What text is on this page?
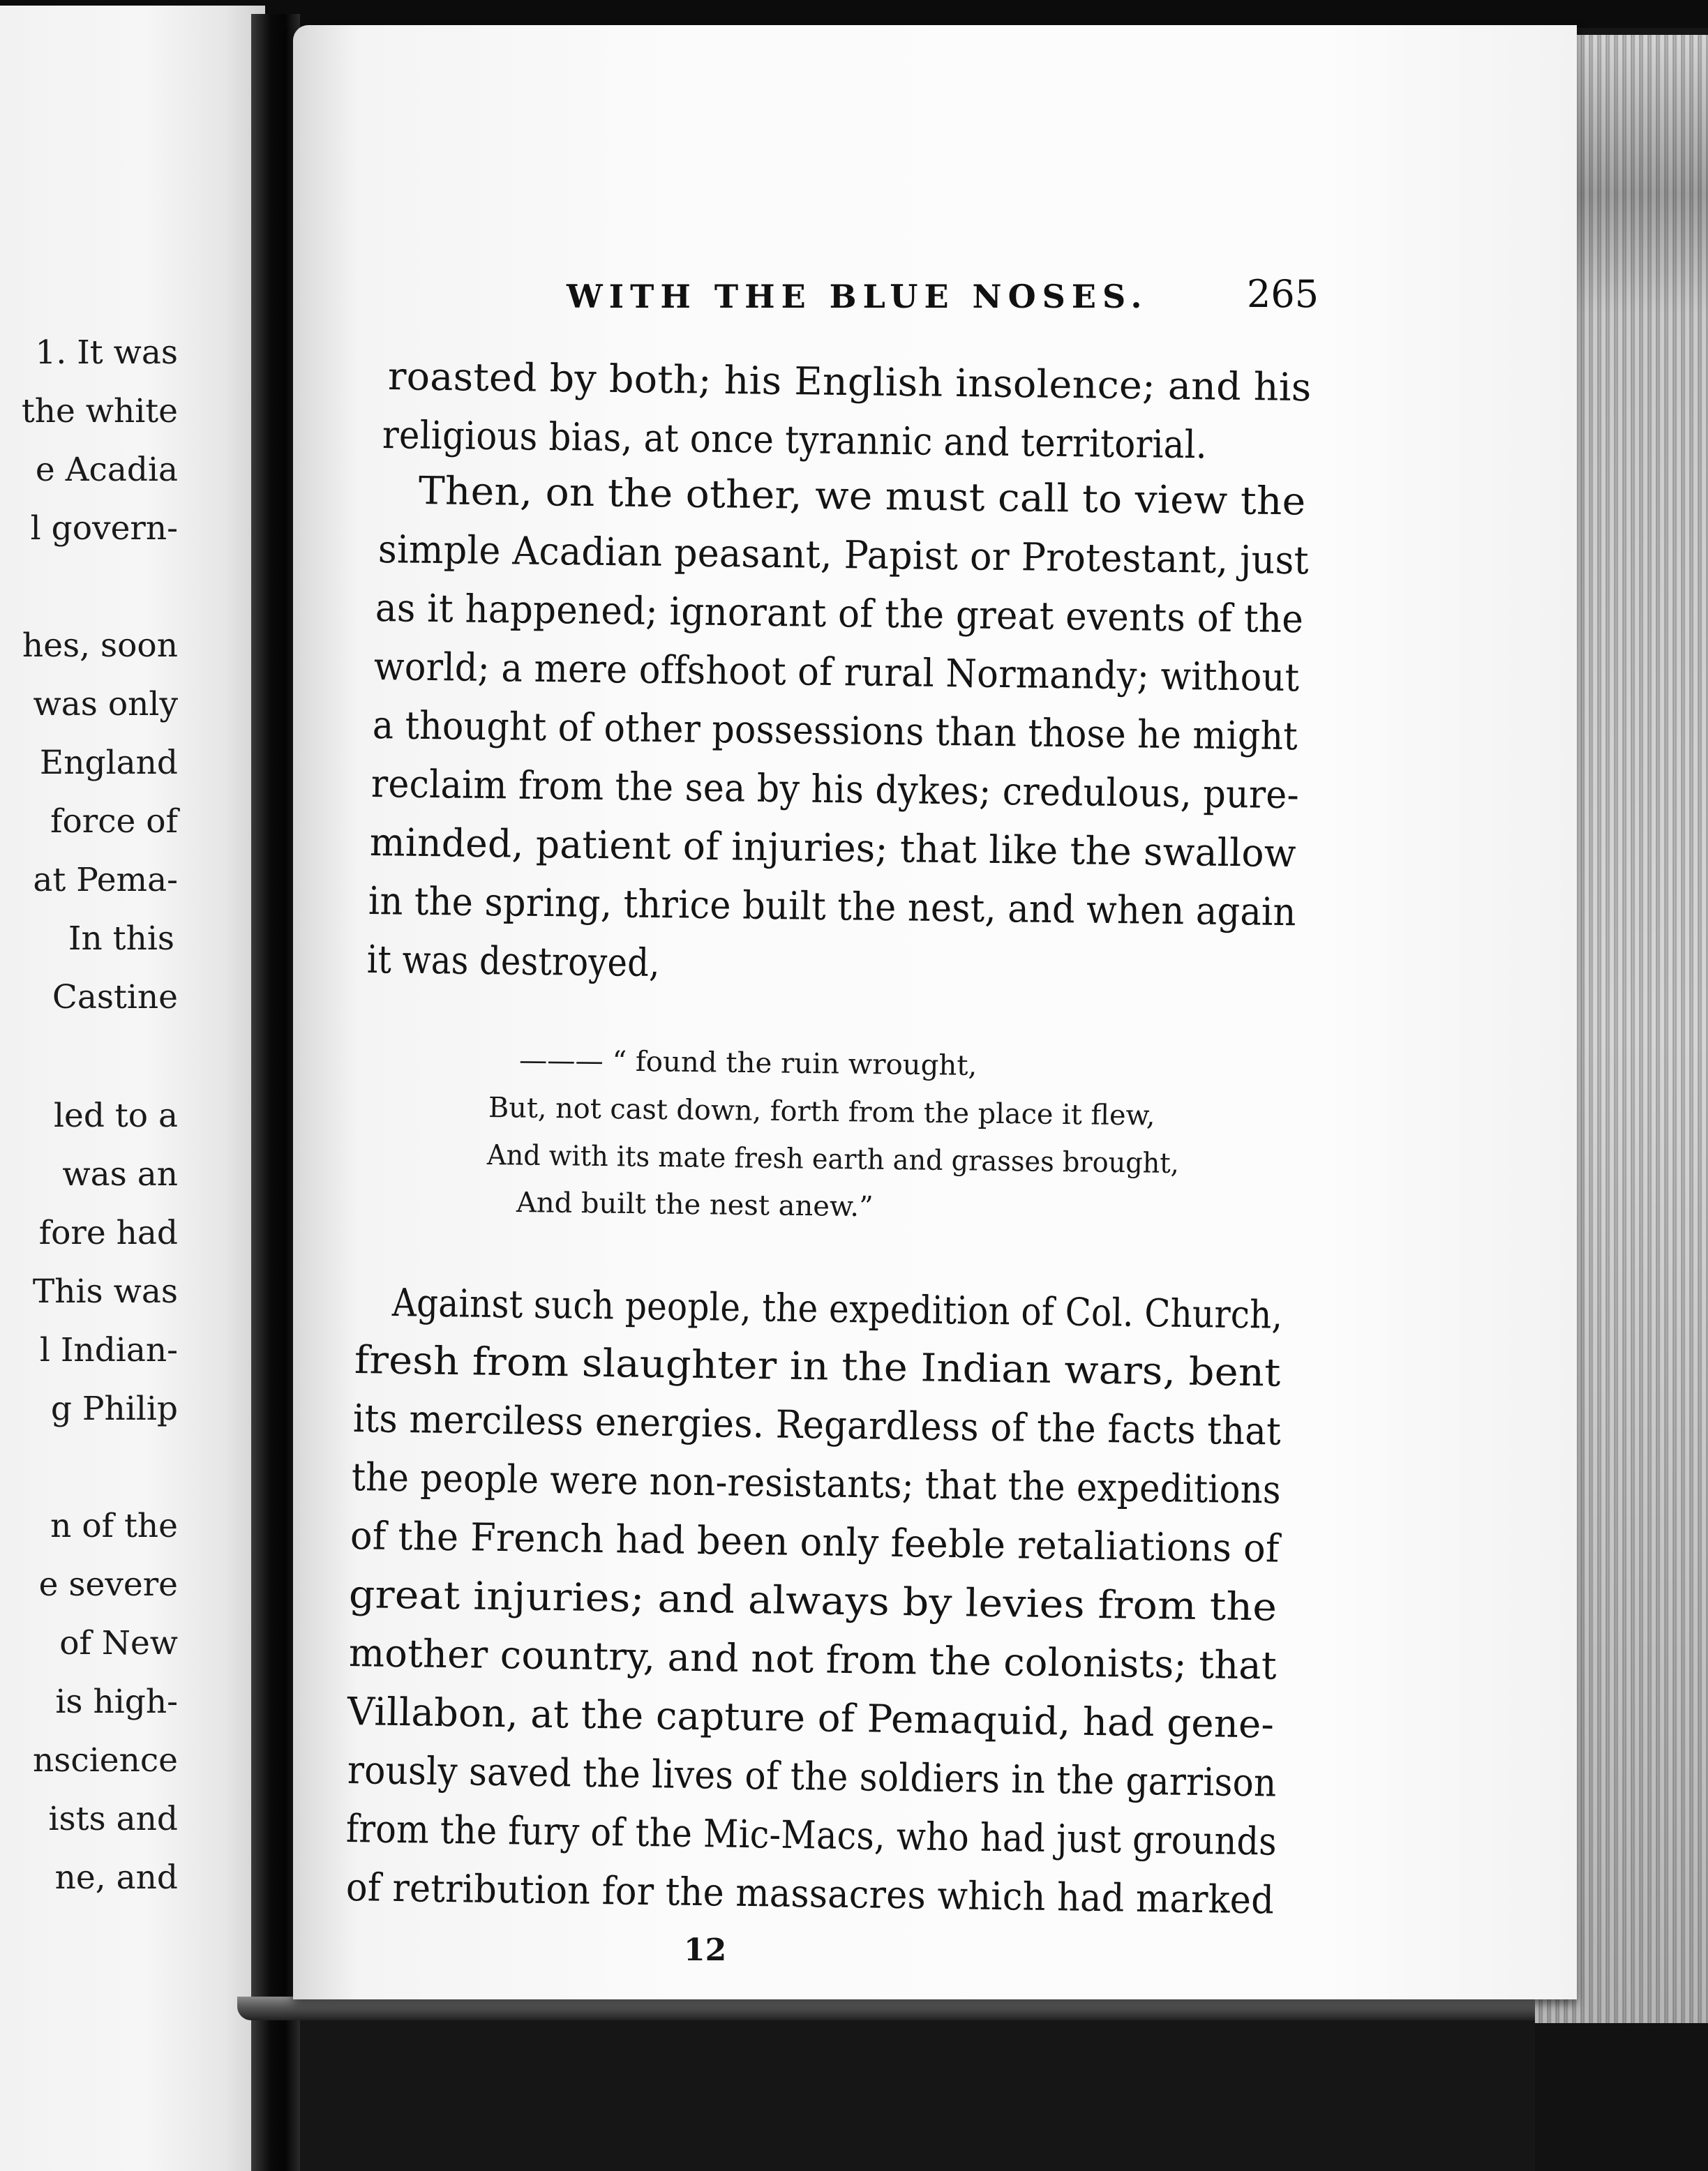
1. It was
the white
e Acadia
l govern-
hes, soon
was only
England
force of
at Pema-
In this
Castine
led to a
was an
fore had
This was
l Indian-
g Philip
n of the
e severe
of New
is high-
nscience
ists and
ne, and
WITH THE BLUE NOSES.	265
roasted by both; his English insolence; and his
religious bias, at once tyrannic and territorial.
Then, on the other, we must call to view the
simple Acadian peasant, Papist or Protestant, just
as it happened; ignorant of the great events of the
world; a mere offshoot of rural Normandy; without
a thought of other possessions than those he might
reclaim from the sea by his dykes; credulous, pure-
minded, patient of injuries; that like the swallow
in the spring, thrice built the nest, and when again
it was destroyed,
——— “ found the ruin wrought,
But, not cast down, forth from the place it flew,
And with its mate fresh earth and grasses brought,
And built the nest anew.”
Against such people, the expedition of Col. Church,
fresh from slaughter in the Indian wars, bent
its merciless energies. Regardless of the facts that
the people were non-resistants; that the expeditions
of the French had been only feeble retaliations of
great injuries; and always by levies from the
mother country, and not from the colonists; that
Villabon, at the capture of Pemaquid, had gene-
rously saved the lives of the soldiers in the garrison
from the fury of the Mic-Macs, who had just grounds
of retribution for the massacres which had marked
12
